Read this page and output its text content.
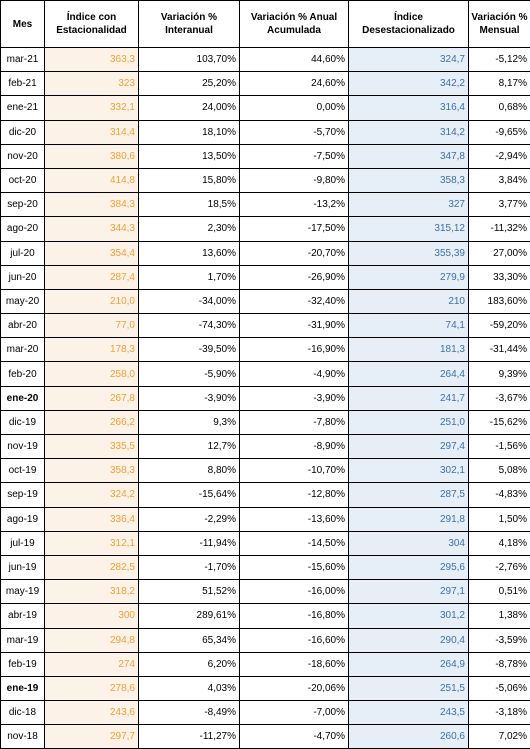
Mes	Índice con Estacionalidad	Variación % Interanual	Variación % Anual Acumulada	Índice Desestacionalizado	Variación % Mensual
mar-21	363,3	103,70%	44,60%	324,7	-5,12%
feb-21	323	25,20%	24,60%	342,2	8,17%
ene-21	332,1	24,00%	0,00%	316,4	0,68%
dic-20	314,4	18,10%	-5,70%	314,2	-9,65%
nov-20	380,6	13,50%	-7,50%	347,8	-2,94%
oct-20	414,8	15,80%	-9,80%	358,3	3,84%
sep-20	384,3	18,5%	-13,2%	327	3,77%
ago-20	344,3	2,30%	-17,50%	315,12	-11,32%
jul-20	354,4	13,60%	-20,70%	355,39	27,00%
jun-20	287,4	1,70%	-26,90%	279,9	33,30%
may-20	210,0	-34,00%	-32,40%	210	183,60%
abr-20	77,0	-74,30%	-31,90%	74,1	-59,20%
mar-20	178,3	-39,50%	-16,90%	181,3	-31,44%
feb-20	258,0	-5,90%	-4,90%	264,4	9,39%
ene-20	267,8	-3,90%	-3,90%	241,7	-3,67%
dic-19	266,2	9,3%	-7,80%	251,0	-15,62%
nov-19	335,5	12,7%	-8,90%	297,4	-1,56%
oct-19	358,3	8,80%	-10,70%	302,1	5,08%
sep-19	324,2	-15,64%	-12,80%	287,5	-4,83%
ago-19	336,4	-2,29%	-13,60%	291,8	1,50%
jul-19	312,1	-11,94%	-14,50%	304	4,18%
jun-19	282,5	-1,70%	-15,60%	295,6	-2,76%
may-19	318,2	51,52%	-16,00%	297,1	0,51%
abr-19	300	289,61%	-16,80%	301,2	1,38%
mar-19	294,8	65,34%	-16,60%	290,4	-3,59%
feb-19	274	6,20%	-18,60%	264,9	-8,78%
ene-19	278,6	4,03%	-20,06%	251,5	-5,06%
dic-18	243,6	-8,49%	-7,00%	243,5	-3,18%
nov-18	297,7	-11,27%	-4,70%	260,6	7,02%
